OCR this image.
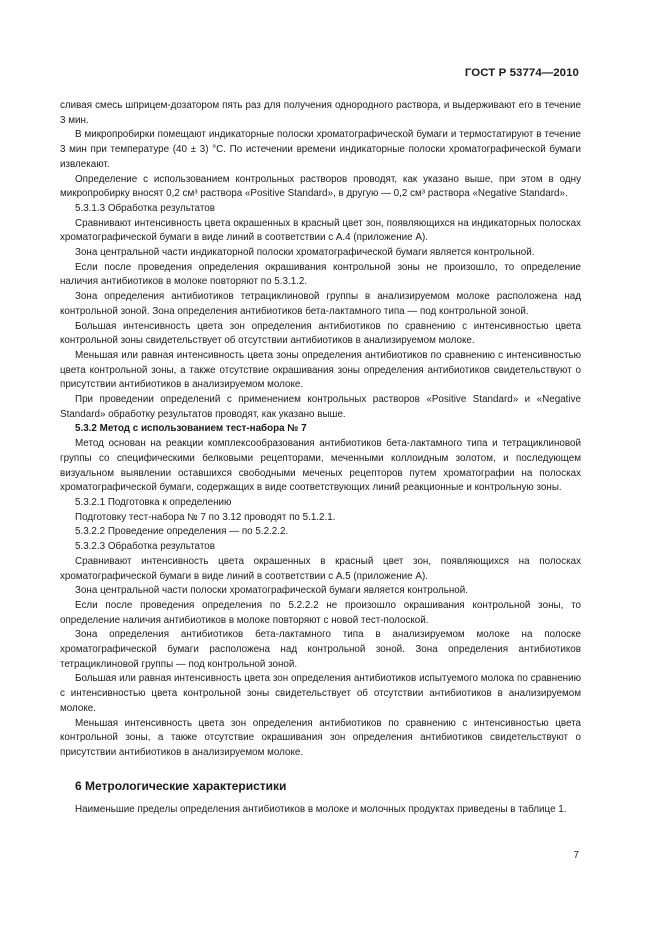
ГОСТ Р 53774—2010

сливая смесь шприцем-дозатором пять раз для получения однородного раствора, и выдерживают его в течение 3 мин.

В микропробирки помещают индикаторные полоски хроматографической бумаги и термостатируют в течение 3 мин при температуре (40 ± 3) °С. По истечении времени индикаторные полоски хроматографической бумаги извлекают.

Определение с использованием контрольных растворов проводят, как указано выше, при этом в одну микропробирку вносят 0,2 см³ раствора «Positive Standard», в другую — 0,2 см³ раствора «Negative Standard».

5.3.1.3 Обработка результатов

Сравнивают интенсивность цвета окрашенных в красный цвет зон, появляющихся на индикаторных полосках хроматографической бумаги в виде линий в соответствии с А.4 (приложение А).

Зона центральной части индикаторной полоски хроматографической бумаги является контрольной.

Если после проведения определения окрашивания контрольной зоны не произошло, то определение наличия антибиотиков в молоке повторяют по 5.3.1.2.

Зона определения антибиотиков тетрациклиновой группы в анализируемом молоке расположена над контрольной зоной. Зона определения антибиотиков бета-лактамного типа — под контрольной зоной.

Большая интенсивность цвета зон определения антибиотиков по сравнению с интенсивностью цвета контрольной зоны свидетельствует об отсутствии антибиотиков в анализируемом молоке.

Меньшая или равная интенсивность цвета зоны определения антибиотиков по сравнению с интенсивностью цвета контрольной зоны, а также отсутствие окрашивания зоны определения антибиотиков свидетельствуют о присутствии антибиотиков в анализируемом молоке.

При проведении определений с применением контрольных растворов «Positive Standard» и «Negative Standard» обработку результатов проводят, как указано выше.

5.3.2 Метод с использованием тест-набора № 7

Метод основан на реакции комплексообразования антибиотиков бета-лактамного типа и тетрациклиновой группы со специфическими белковыми рецепторами, меченными коллоидным золотом, и последующем визуальном выявлении оставшихся свободными меченых рецепторов путем хроматографии на полосках хроматографической бумаги, содержащих в виде соответствующих линий реакционные и контрольную зоны.

5.3.2.1 Подготовка к определению

Подготовку тест-набора № 7 по 3.12 проводят по 5.1.2.1.

5.3.2.2 Проведение определения — по 5.2.2.2.

5.3.2.3 Обработка результатов

Сравнивают интенсивность цвета окрашенных в красный цвет зон, появляющихся на полосках хроматографической бумаги в виде линий в соответствии с А.5 (приложение А).

Зона центральной части полоски хроматографической бумаги является контрольной.

Если после проведения определения по 5.2.2.2 не произошло окрашивания контрольной зоны, то определение наличия антибиотиков в молоке повторяют с новой тест-полоской.

Зона определения антибиотиков бета-лактамного типа в анализируемом молоке на полоске хроматографической бумаги расположена над контрольной зоной. Зона определения антибиотиков тетрациклиновой группы — под контрольной зоной.

Большая или равная интенсивность цвета зон определения антибиотиков испытуемого молока по сравнению с интенсивностью цвета контрольной зоны свидетельствует об отсутствии антибиотиков в анализируемом молоке.

Меньшая интенсивность цвета зон определения антибиотиков по сравнению с интенсивностью цвета контрольной зоны, а также отсутствие окрашивания зон определения антибиотиков свидетельствуют о присутствии антибиотиков в анализируемом молоке.

6 Метрологические характеристики

Наименьшие пределы определения антибиотиков в молоке и молочных продуктах приведены в таблице 1.

7
